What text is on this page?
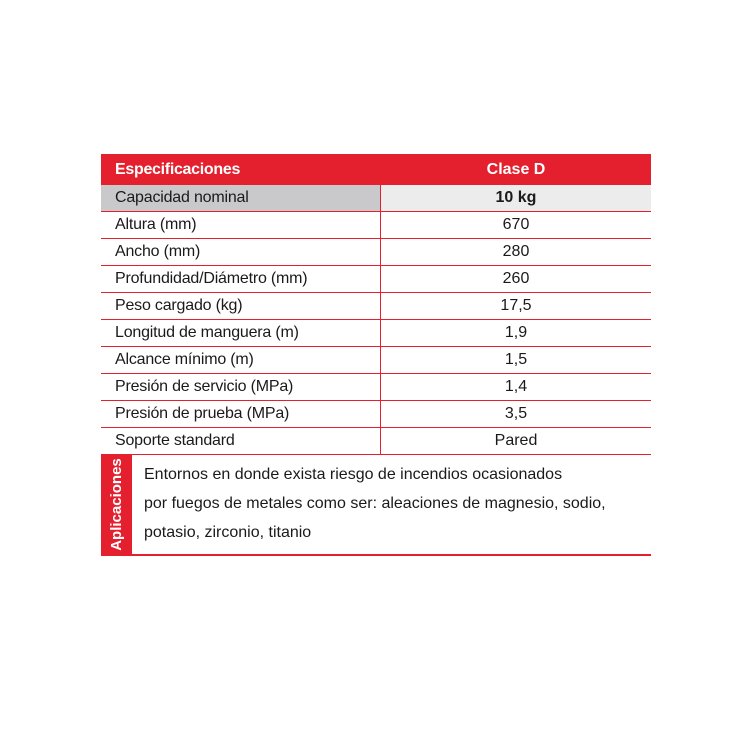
Especificaciones	Clase D
Capacidad nominal	10 kg
Altura (mm)	670
Ancho (mm)	280
Profundidad/Diámetro (mm)	260
Peso cargado (kg)	17,5
Longitud de manguera (m)	1,9
Alcance mínimo (m)	1,5
Presión de servicio (MPa)	1,4
Presión de prueba (MPa)	3,5
Soporte standard	Pared
Aplicaciones Entornos en donde exista riesgo de incendios ocasionados
por fuegos de metales como ser: aleaciones de magnesio, sodio,
potasio, zirconio, titanio
